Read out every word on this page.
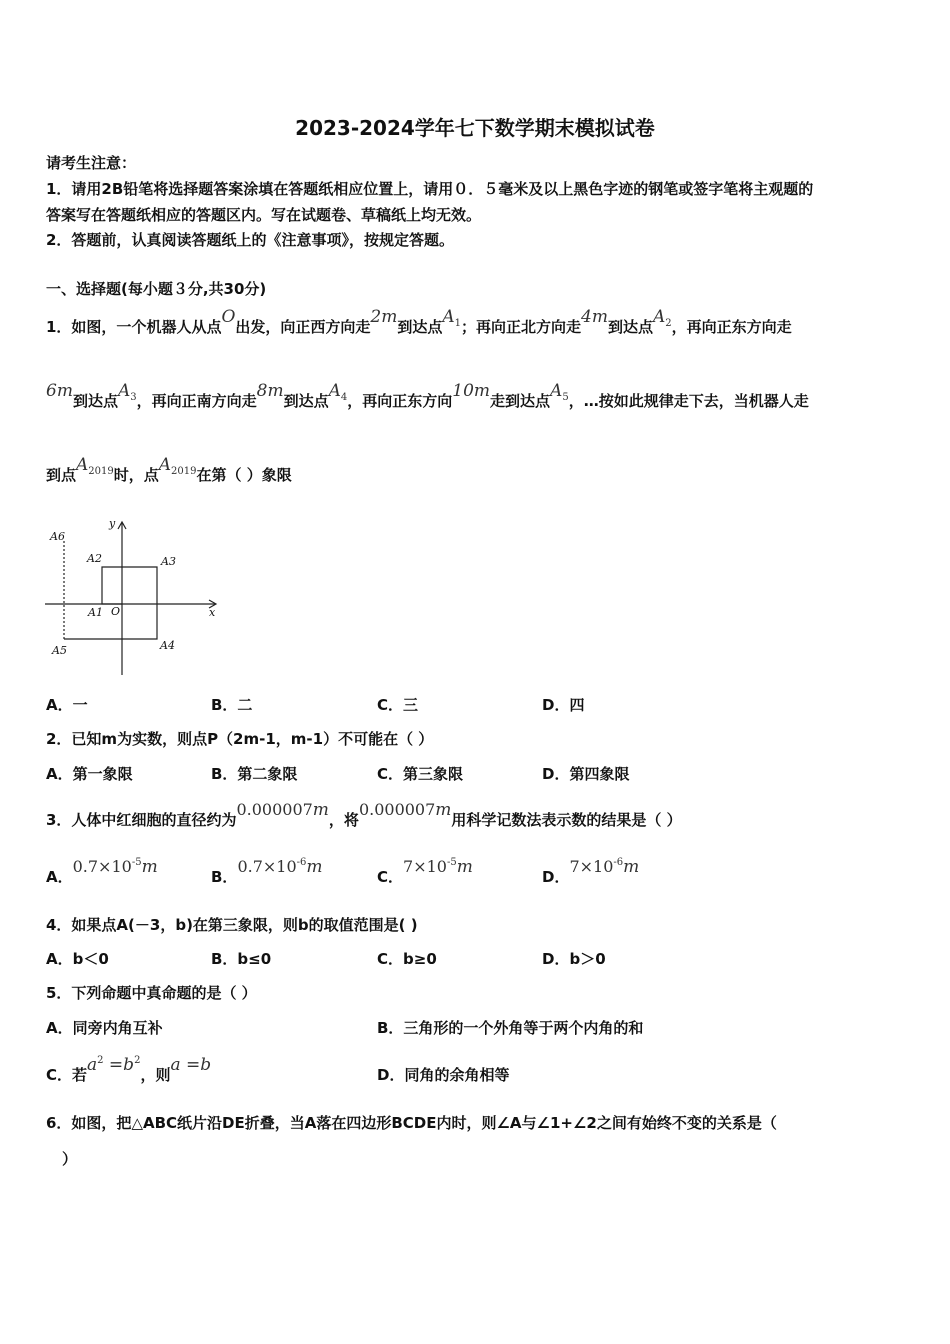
2023-2024学年七下数学期末模拟试卷
请考生注意：
1．请用2B铅笔将选择题答案涂填在答题纸相应位置上，请用０．５毫米及以上黑色字迹的钢笔或签字笔将主观题的
答案写在答题纸相应的答题区内。写在试题卷、草稿纸上均无效。
2．答题前，认真阅读答题纸上的《注意事项》，按规定答题。
一、选择题(每小题３分,共30分)
1．如图，一个机器人从点O出发，向正西方向走2m到达点$A_1$；再向正北方向走4m到达点$A_2$，再向正东方向走
6m到达点$A_3$，再向正南方向走8m到达点$A_4$，再向正东方向10m走到达点$A_5$，…按如此规律走下去，当机器人走
到点$A_{2019}$时，点$A_{2019}$在第（ ）象限
A6
A2	A3
A1 O	x
y
A5	A4
A．一	B．二	C．三	D．四
2．已知m为实数，则点P（2m-1，m-1）不可能在（ ）
A．第一象限	B．第二象限	C．第三象限	D．第四象限
3．人体中红细胞的直径约为0.000007m，将0.000007m用科学记数法表示数的结果是（ ）
A．$0.7\times 10^{-5}m$	B．$0.7\times 10^{-6}m$	C．$7\times 10^{-5}m$	D．$7\times 10^{-6}m$
4．如果点A(－3，b)在第三象限，则b的取值范围是( )
A．b＜0	B．b≤0	C．b≥0	D．b＞0
5．下列命题中真命题的是（ ）
A．同旁内角互补	B．三角形的一个外角等于两个内角的和
C．若$a^2 =b^2$，则a =b	D．同角的余角相等
6．如图，把△ABC纸片沿DE折叠，当A落在四边形BCDE内时，则∠A与∠1+∠2之间有始终不变的关系是（
）
